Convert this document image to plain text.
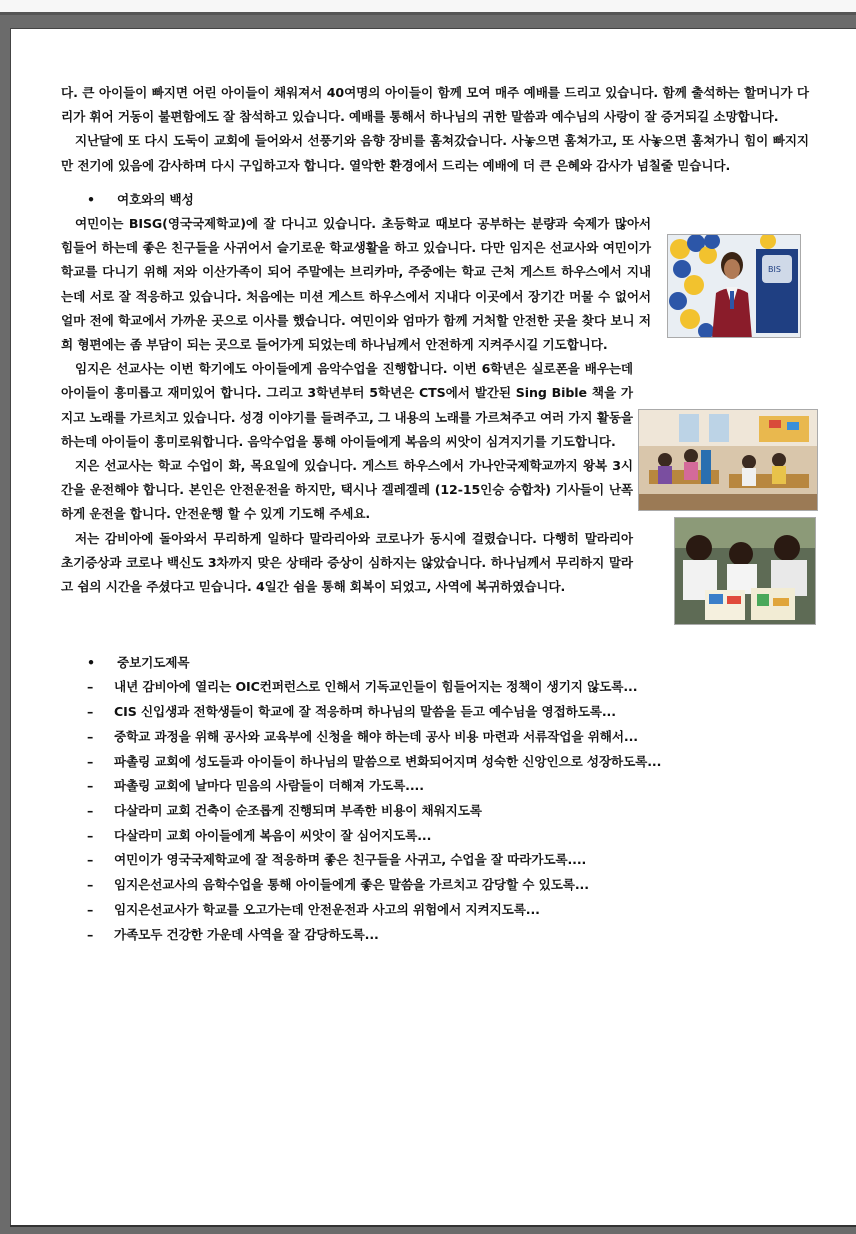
BIS

다. 큰 아이들이 빠지면 어린 아이들이 채워져서 40여명의 아이들이 함께 모여 매주 예배를 드리고 있습니다. 함께 출석하는 할머니가 다리가 휘어 거동이 불편함에도 잘 참석하고 있습니다. 예배를 통해서 하나님의 귀한 말씀과 예수님의 사랑이 잘 증거되길 소망합니다.

지난달에 또 다시 도둑이 교회에 들어와서 선풍기와 음향 장비를 훔쳐갔습니다. 사놓으면 훔쳐가고, 또 사놓으면 훔쳐가니 힘이 빠지지만 전기에 있음에 감사하며 다시 구입하고자 합니다. 열악한 환경에서 드리는 예배에 더 큰 은혜와 감사가 넘칠줄 믿습니다.

• 여호와의 백성

여민이는 BISG(영국국제학교)에 잘 다니고 있습니다. 초등학교 때보다 공부하는 분량과 숙제가 많아서 힘들어 하는데 좋은 친구들을 사귀어서 슬기로운 학교생활을 하고 있습니다. 다만 임지은 선교사와 여민이가 학교를 다니기 위해 저와 이산가족이 되어 주말에는 브리카마, 주중에는 학교 근처 게스트 하우스에서 지내는데 서로 잘 적응하고 있습니다. 처음에는 미션 게스트 하우스에서 지내다 이곳에서 장기간 머물 수 없어서 얼마 전에 학교에서 가까운 곳으로 이사를 했습니다. 여민이와 엄마가 함께 거처할 안전한 곳을 찾다 보니 저희 형편에는 좀 부담이 되는 곳으로 들어가게 되었는데 하나님께서 안전하게 지켜주시길 기도합니다.

임지은 선교사는 이번 학기에도 아이들에게 음악수업을 진행합니다. 이번 6학년은 실로폰을 배우는데 아이들이 흥미롭고 재미있어 합니다. 그리고 3학년부터 5학년은 CTS에서 발간된 Sing Bible 책을 가지고 노래를 가르치고 있습니다. 성경 이야기를 들려주고, 그 내용의 노래를 가르쳐주고 여러 가지 활동을 하는데 아이들이 흥미로워합니다. 음악수업을 통해 아이들에게 복음의 씨앗이 심겨지기를 기도합니다.

지은 선교사는 학교 수업이 화, 목요일에 있습니다. 게스트 하우스에서 가나안국제학교까지 왕복 3시간을 운전해야 합니다. 본인은 안전운전을 하지만, 택시나 겔레겔레 (12-15인승 승합차) 기사들이 난폭하게 운전을 합니다. 안전운행 할 수 있게 기도해 주세요.

저는 감비아에 돌아와서 무리하게 일하다 말라리아와 코로나가 동시에 걸렸습니다. 다행히 말라리아 초기증상과 코로나 백신도 3차까지 맞은 상태라 증상이 심하지는 않았습니다. 하나님께서 무리하지 말라고 쉼의 시간을 주셨다고 믿습니다. 4일간 쉼을 통해 회복이 되었고, 사역에 복귀하였습니다.

• 중보기도제목
– 내년 감비아에 열리는 OIC컨퍼런스로 인해서 기독교인들이 힘들어지는 정책이 생기지 않도록...
– CIS 신입생과 전학생들이 학교에 잘 적응하며 하나님의 말씀을 듣고 예수님을 영접하도록...
– 중학교 과정을 위해 공사와 교육부에 신청을 해야 하는데 공사 비용 마련과 서류작업을 위해서...
– 파촐링 교회에 성도들과 아이들이 하나님의 말씀으로 변화되어지며 성숙한 신앙인으로 성장하도록...
– 파촐링 교회에 날마다 믿음의 사람들이 더해져 가도록....
– 다살라미 교회 건축이 순조롭게 진행되며 부족한 비용이 채워지도록
– 다살라미 교회 아이들에게 복음이 씨앗이 잘 심어지도록...
– 여민이가 영국국제학교에 잘 적응하며 좋은 친구들을 사귀고, 수업을 잘 따라가도록....
– 임지은선교사의 음학수업을 통해 아이들에게 좋은 말씀을 가르치고 감당할 수 있도록...
– 임지은선교사가 학교를 오고가는데 안전운전과 사고의 위험에서 지켜지도록...
– 가족모두 건강한 가운데 사역을 잘 감당하도록...
